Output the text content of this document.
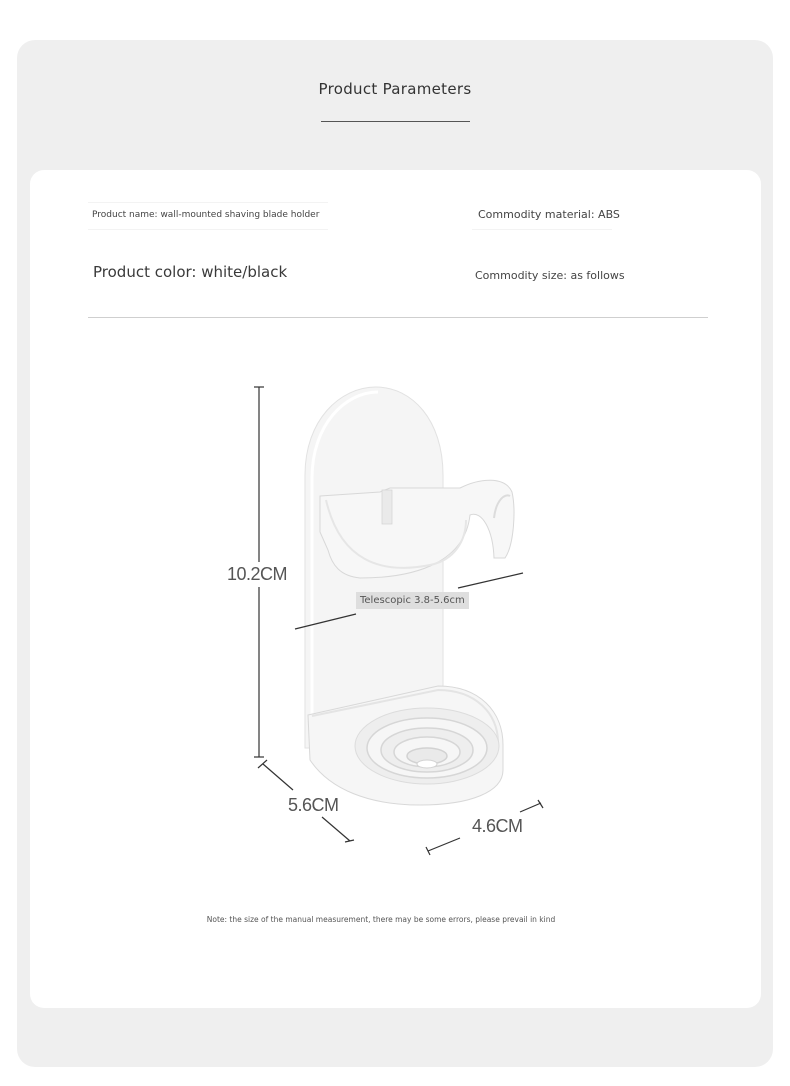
Product Parameters
Product name: wall-mounted shaving blade holder	Commodity material: ABS
Product color: white/black	Commodity size: as follows
10.2CM
5.6CM
4.6CM
Telescopic 3.8-5.6cm
Note: the size of the manual measurement, there may be some errors, please prevail in kind
